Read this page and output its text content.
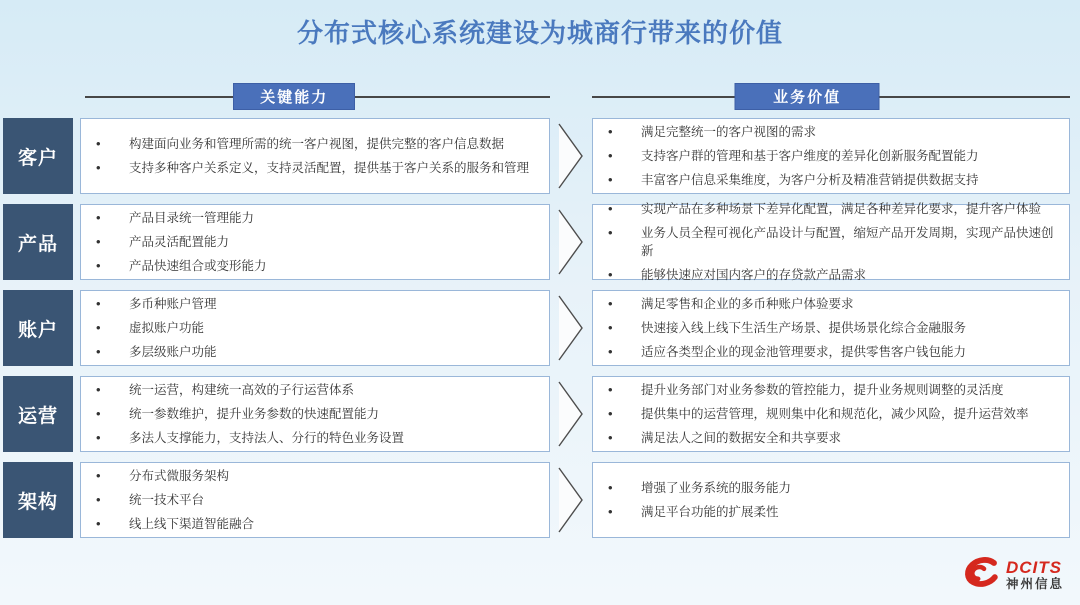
分布式核心系统建设为城商行带来的价值
关键能力	业务价值
客户
•	构建面向业务和管理所需的统一客户视图，提供完整的客户信息数据
•	支持多种客户关系定义，支持灵活配置，提供基于客户关系的服务和管理
•	满足完整统一的客户视图的需求
•	支持客户群的管理和基于客户维度的差异化创新服务配置能力
•	丰富客户信息采集维度，为客户分析及精准营销提供数据支持
产品
•	产品目录统一管理能力
•	产品灵活配置能力
•	产品快速组合或变形能力
•	实现产品在多种场景下差异化配置，满足各种差异化要求，提升客户体验
•	业务人员全程可视化产品设计与配置，缩短产品开发周期，实现产品快速创新
•	能够快速应对国内客户的存贷款产品需求
账户
•	多币种账户管理
•	虚拟账户功能
•	多层级账户功能
•	满足零售和企业的多币种账户体验要求
•	快速接入线上线下生活生产场景、提供场景化综合金融服务
•	适应各类型企业的现金池管理要求，提供零售客户钱包能力
运营
•	统一运营，构建统一高效的子行运营体系
•	统一参数维护，提升业务参数的快速配置能力
•	多法人支撑能力，支持法人、分行的特色业务设置
•	提升业务部门对业务参数的管控能力，提升业务规则调整的灵活度
•	提供集中的运营管理，规则集中化和规范化，减少风险，提升运营效率
•	满足法人之间的数据安全和共享要求
架构
•	分布式微服务架构
•	统一技术平台
•	线上线下渠道智能融合
•	增强了业务系统的服务能力
•	满足平台功能的扩展柔性
DCITS
神州信息
